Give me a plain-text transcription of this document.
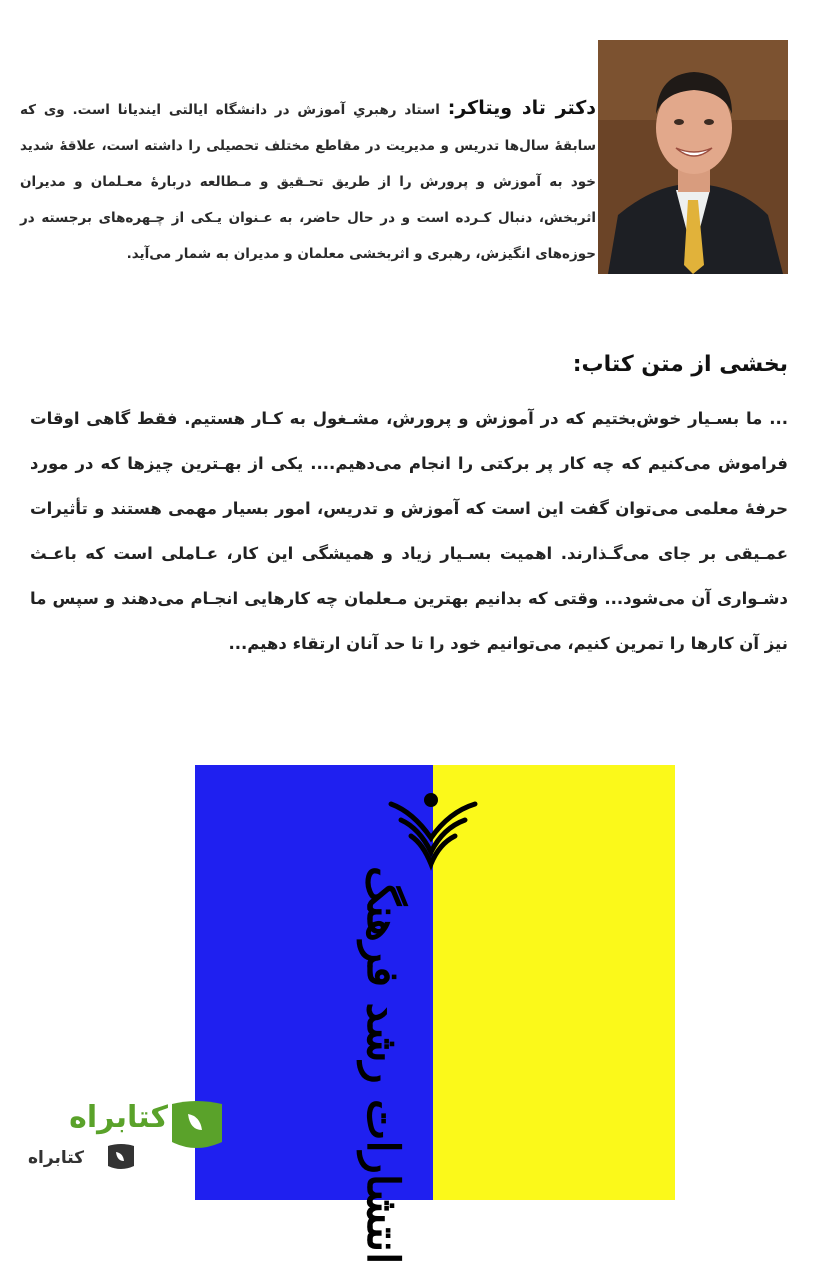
دکتر تاد ویتاکر: استاد رهبریِ آموزش در دانشگاه ایالتی ایندیانا است. وی که سابقۀ سال‌ها تدریس و مدیریت در مقاطع مختلف تحصیلی را داشته است، علاقۀ شدید خود به آموزش و پرورش را از طریق تحـقیق و مـطالعه دربارۀ معـلمان و مدیران اثربخش، دنبال کـرده است و در حال حاضر، به عـنوان یـکی از چـهره‌های برجسته در حوزه‌های انگیزش، رهبری و اثربخشی معلمان و مدیران به شمار می‌آید.
بخشی از متن کتاب:
... ما بسـیار خوش‌بختیم که در آموزش و پرورش، مشـغول به کـار هستیم. فقط گاهی اوقات فراموش می‌کنیم که چه کار پر برکتی را انجام می‌دهیم.... یکی از بهـترین چیزها که در مورد حرفۀ معلمی می‌توان گفت این است که آموزش و تدریس، امور بسیار مهمی هستند و تأثیرات عمـیقی بر جای می‌گـذارند. اهمیت بسـیار زیاد و همیشگی این کار، عـاملی است که باعـث دشـواری آن می‌شود... وقتی که بدانیم بهترین مـعلمان چه کارهایی انجـام می‌دهند و سپس ما نیز آن کارها را تمرین کنیم، می‌توانیم خود را تا حد آنان ارتقاء دهیم...
انتشارات رشد فرهنگ
کتابراه
کتابراه
